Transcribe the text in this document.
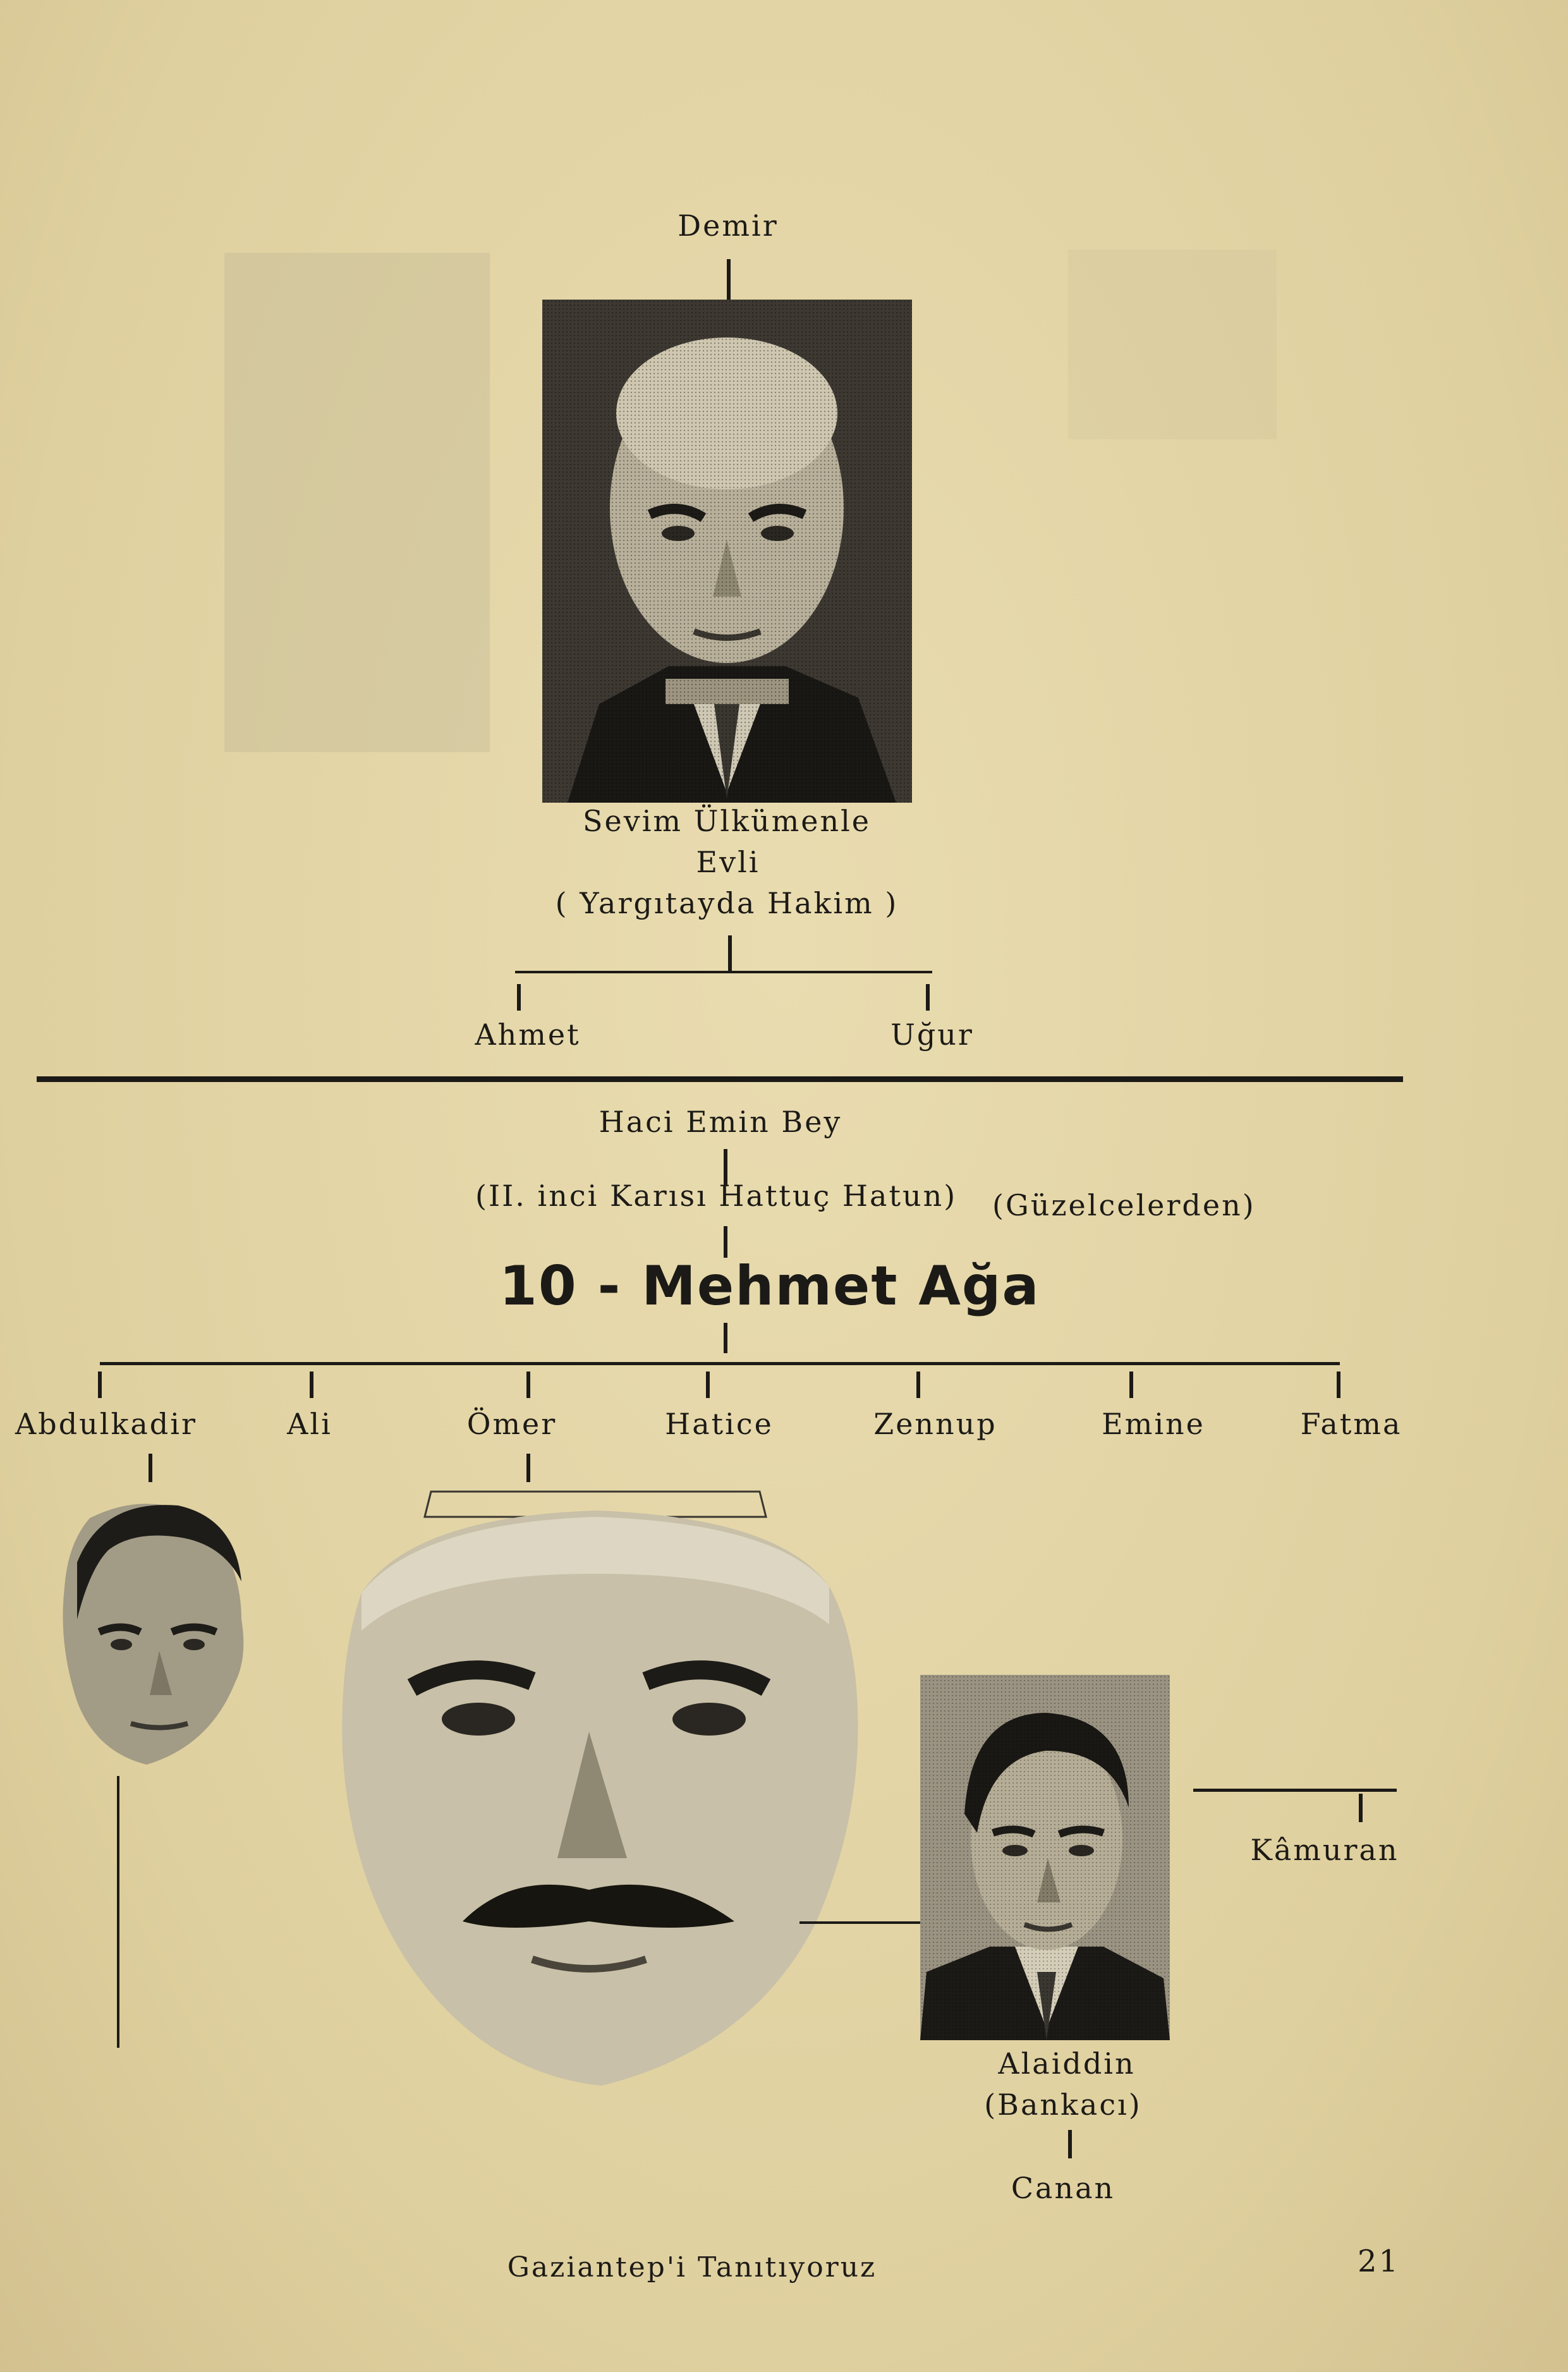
Demir
Sevim Ülkümenle
Evli
( Yargıtayda Hakim )
Ahmet	Uğur
Haci Emin Bey
(II. inci Karısı Hattuç Hatun) (Güzelcelerden)
10 - Mehmet Ağa
Abdulkadir	Ali	Ömer	Hatice	Zennup	Emine	Fatma
Kâmuran
Alaiddin
(Bankacı)
Canan
Gaziantep'i Tanıtıyoruz	21
